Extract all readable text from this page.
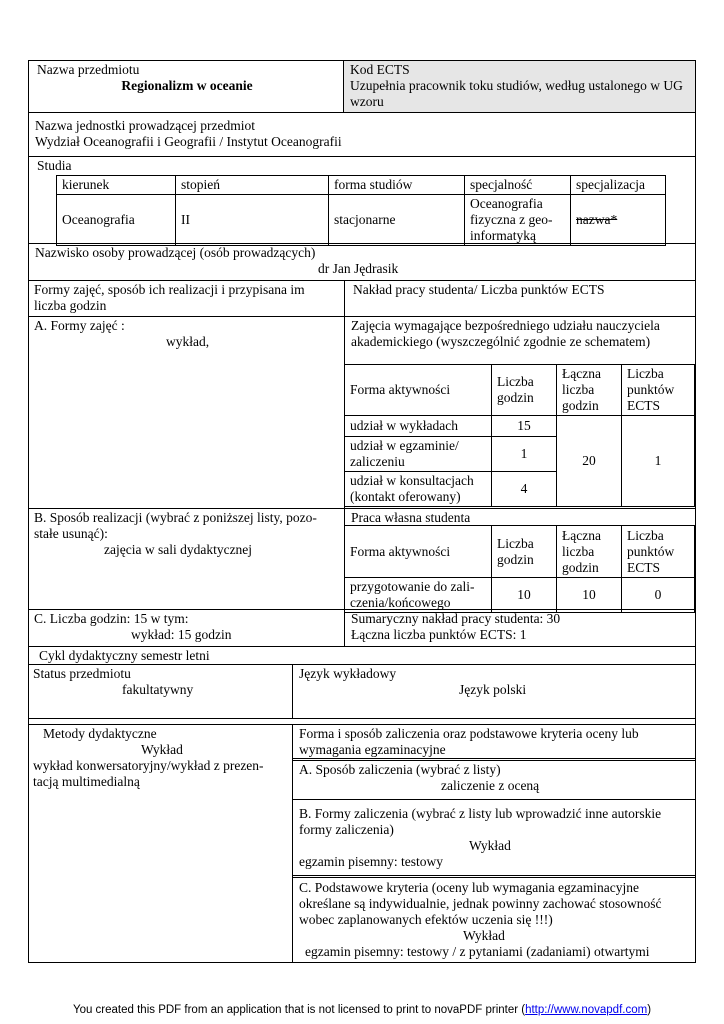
Nazwa przedmiotu
Regionalizm w oceanie
Kod ECTS
Uzupełnia pracownik toku studiów, według ustalonego w UG wzoru
Nazwa jednostki prowadzącej przedmiot
Wydział Oceanografii i Geografii / Instytut Oceanografii
Studia
kierunek	stopień	forma studiów	specjalność	specjalizacja
Oceanografia	II	stacjonarne	Oceanografia fizyczna z geo-informatyką	nazwa*
Nazwisko osoby prowadzącej (osób prowadzących)
dr Jan Jędrasik
Formy zajęć, sposób ich realizacji i przypisana im liczba godzin
Nakład pracy studenta/ Liczba punktów ECTS
A. Formy zajęć :
wykład,
Zajęcia wymagające bezpośredniego udziału nauczyciela akademickiego (wyszczególnić zgodnie ze schematem)
Forma aktywności	Liczba godzin	Łączna liczba godzin	Liczba punktów ECTS
udział w wykładach	15	20	1
udział w egzaminie/ zaliczeniu	1		
udział w konsultacjach (kontakt oferowany)	4		
B. Sposób realizacji (wybrać z poniższej listy, pozo-stałe usunąć):
zajęcia w sali dydaktycznej
Praca własna studenta
Forma aktywności	Liczba godzin	Łączna liczba godzin	Liczba punktów ECTS
przygotowanie do zali-czenia/końcowego	10	10	0
C. Liczba godzin: 15 w tym:
wykład: 15 godzin
Sumaryczny nakład pracy studenta: 30
Łączna liczba punktów ECTS: 1
Cykl dydaktyczny semestr letni
Status przedmiotu
fakultatywny
Język wykładowy
Język polski
Metody dydaktyczne
Wykład
wykład konwersatoryjny/wykład z prezen-tacją multimedialną
Forma i sposób zaliczenia oraz podstawowe kryteria oceny lub wymagania egzaminacyjne
A. Sposób zaliczenia (wybrać z listy)
zaliczenie z oceną
B. Formy zaliczenia (wybrać z listy lub wprowadzić inne autorskie formy zaliczenia)
Wykład
egzamin pisemny: testowy
C. Podstawowe kryteria (oceny lub wymagania egzaminacyjne określane są indywidualnie, jednak powinny zachować stosowność wobec zaplanowanych efektów uczenia się !!!)
Wykład
egzamin pisemny: testowy / z pytaniami (zadaniami) otwartymi
You created this PDF from an application that is not licensed to print to novaPDF printer (http://www.novapdf.com)
